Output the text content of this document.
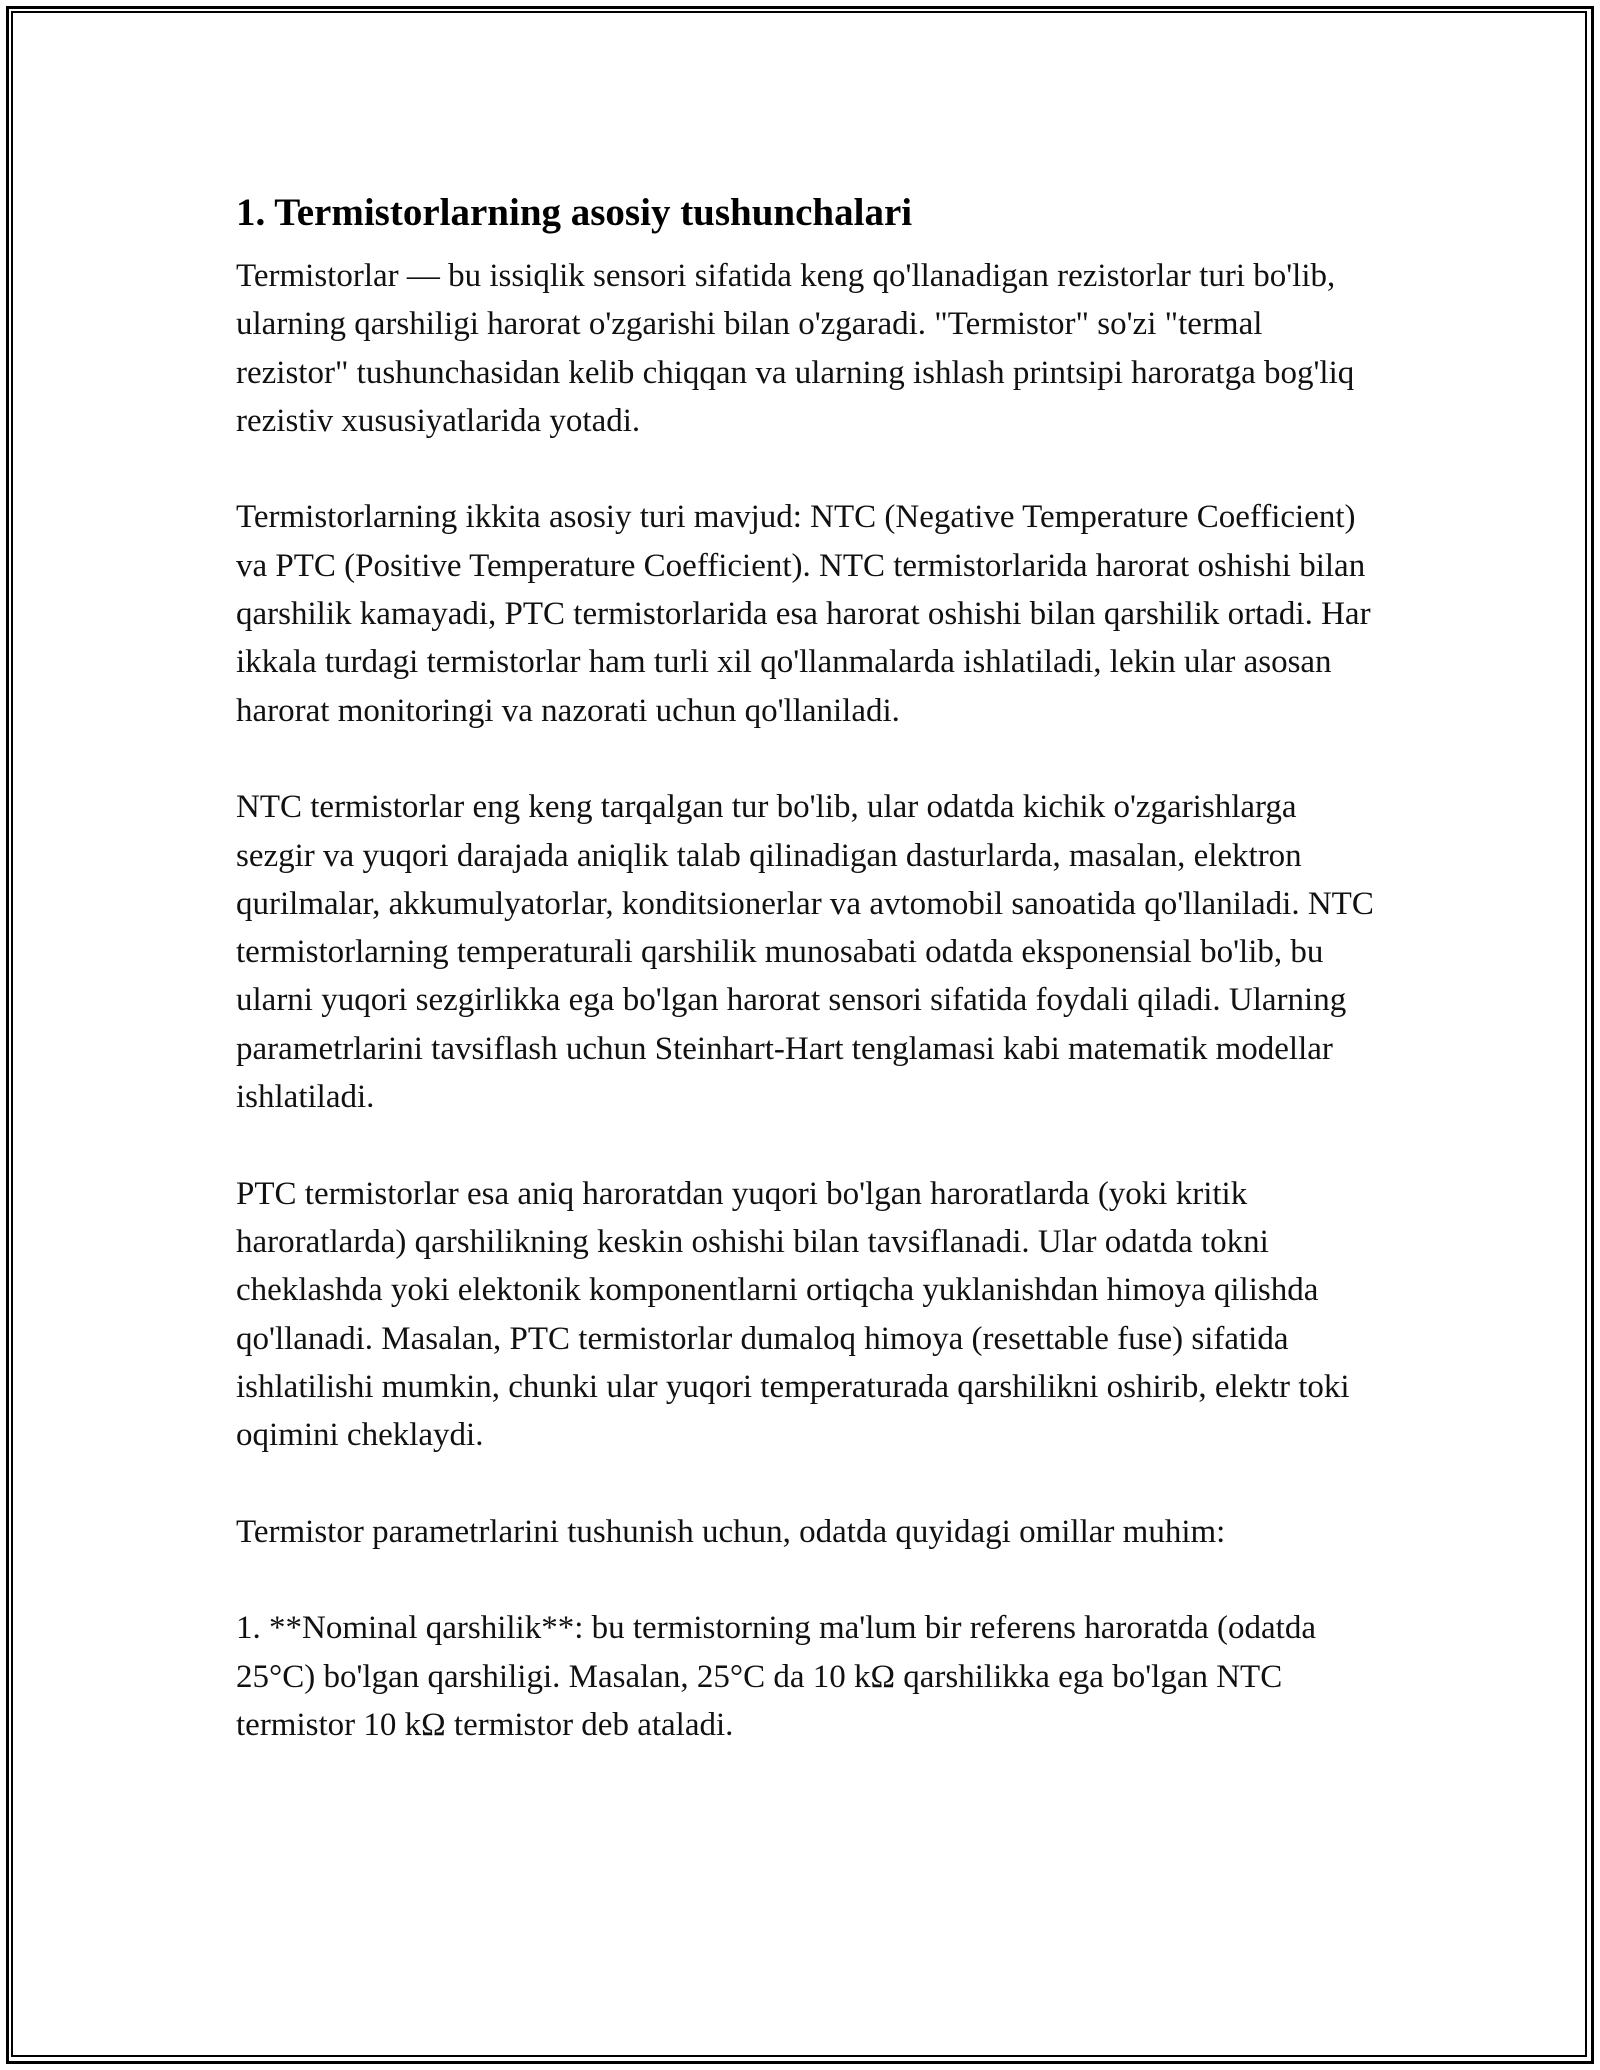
1. Termistorlarning asosiy tushunchalari

Termistorlar — bu issiqlik sensori sifatida keng qo'llanadigan rezistorlar turi bo'lib, ularning qarshiligi harorat o'zgarishi bilan o'zgaradi. "Termistor" so'zi "termal rezistor" tushunchasidan kelib chiqqan va ularning ishlash printsipi haroratga bog'liq rezistiv xususiyatlarida yotadi.

Termistorlarning ikkita asosiy turi mavjud: NTC (Negative Temperature Coefficient) va PTC (Positive Temperature Coefficient). NTC termistorlarida harorat oshishi bilan qarshilik kamayadi, PTC termistorlarida esa harorat oshishi bilan qarshilik ortadi. Har ikkala turdagi termistorlar ham turli xil qo'llanmalarda ishlatiladi, lekin ular asosan harorat monitoringi va nazorati uchun qo'llaniladi.

NTC termistorlar eng keng tarqalgan tur bo'lib, ular odatda kichik o'zgarishlarga sezgir va yuqori darajada aniqlik talab qilinadigan dasturlarda, masalan, elektron qurilmalar, akkumulyatorlar, konditsionerlar va avtomobil sanoatida qo'llaniladi. NTC termistorlarning temperaturali qarshilik munosabati odatda eksponensial bo'lib, bu ularni yuqori sezgirlikka ega bo'lgan harorat sensori sifatida foydali qiladi. Ularning parametrlarini tavsiflash uchun Steinhart-Hart tenglamasi kabi matematik modellar ishlatiladi.

PTC termistorlar esa aniq haroratdan yuqori bo'lgan haroratlarda (yoki kritik haroratlarda) qarshilikning keskin oshishi bilan tavsiflanadi. Ular odatda tokni cheklashda yoki elektonik komponentlarni ortiqcha yuklanishdan himoya qilishda qo'llanadi. Masalan, PTC termistorlar dumaloq himoya (resettable fuse) sifatida ishlatilishi mumkin, chunki ular yuqori temperaturada qarshilikni oshirib, elektr toki oqimini cheklaydi.

Termistor parametrlarini tushunish uchun, odatda quyidagi omillar muhim:

1. **Nominal qarshilik**: bu termistorning ma'lum bir referens haroratda (odatda 25°C) bo'lgan qarshiligi. Masalan, 25°C da 10 kΩ qarshilikka ega bo'lgan NTC termistor 10 kΩ termistor deb ataladi.
